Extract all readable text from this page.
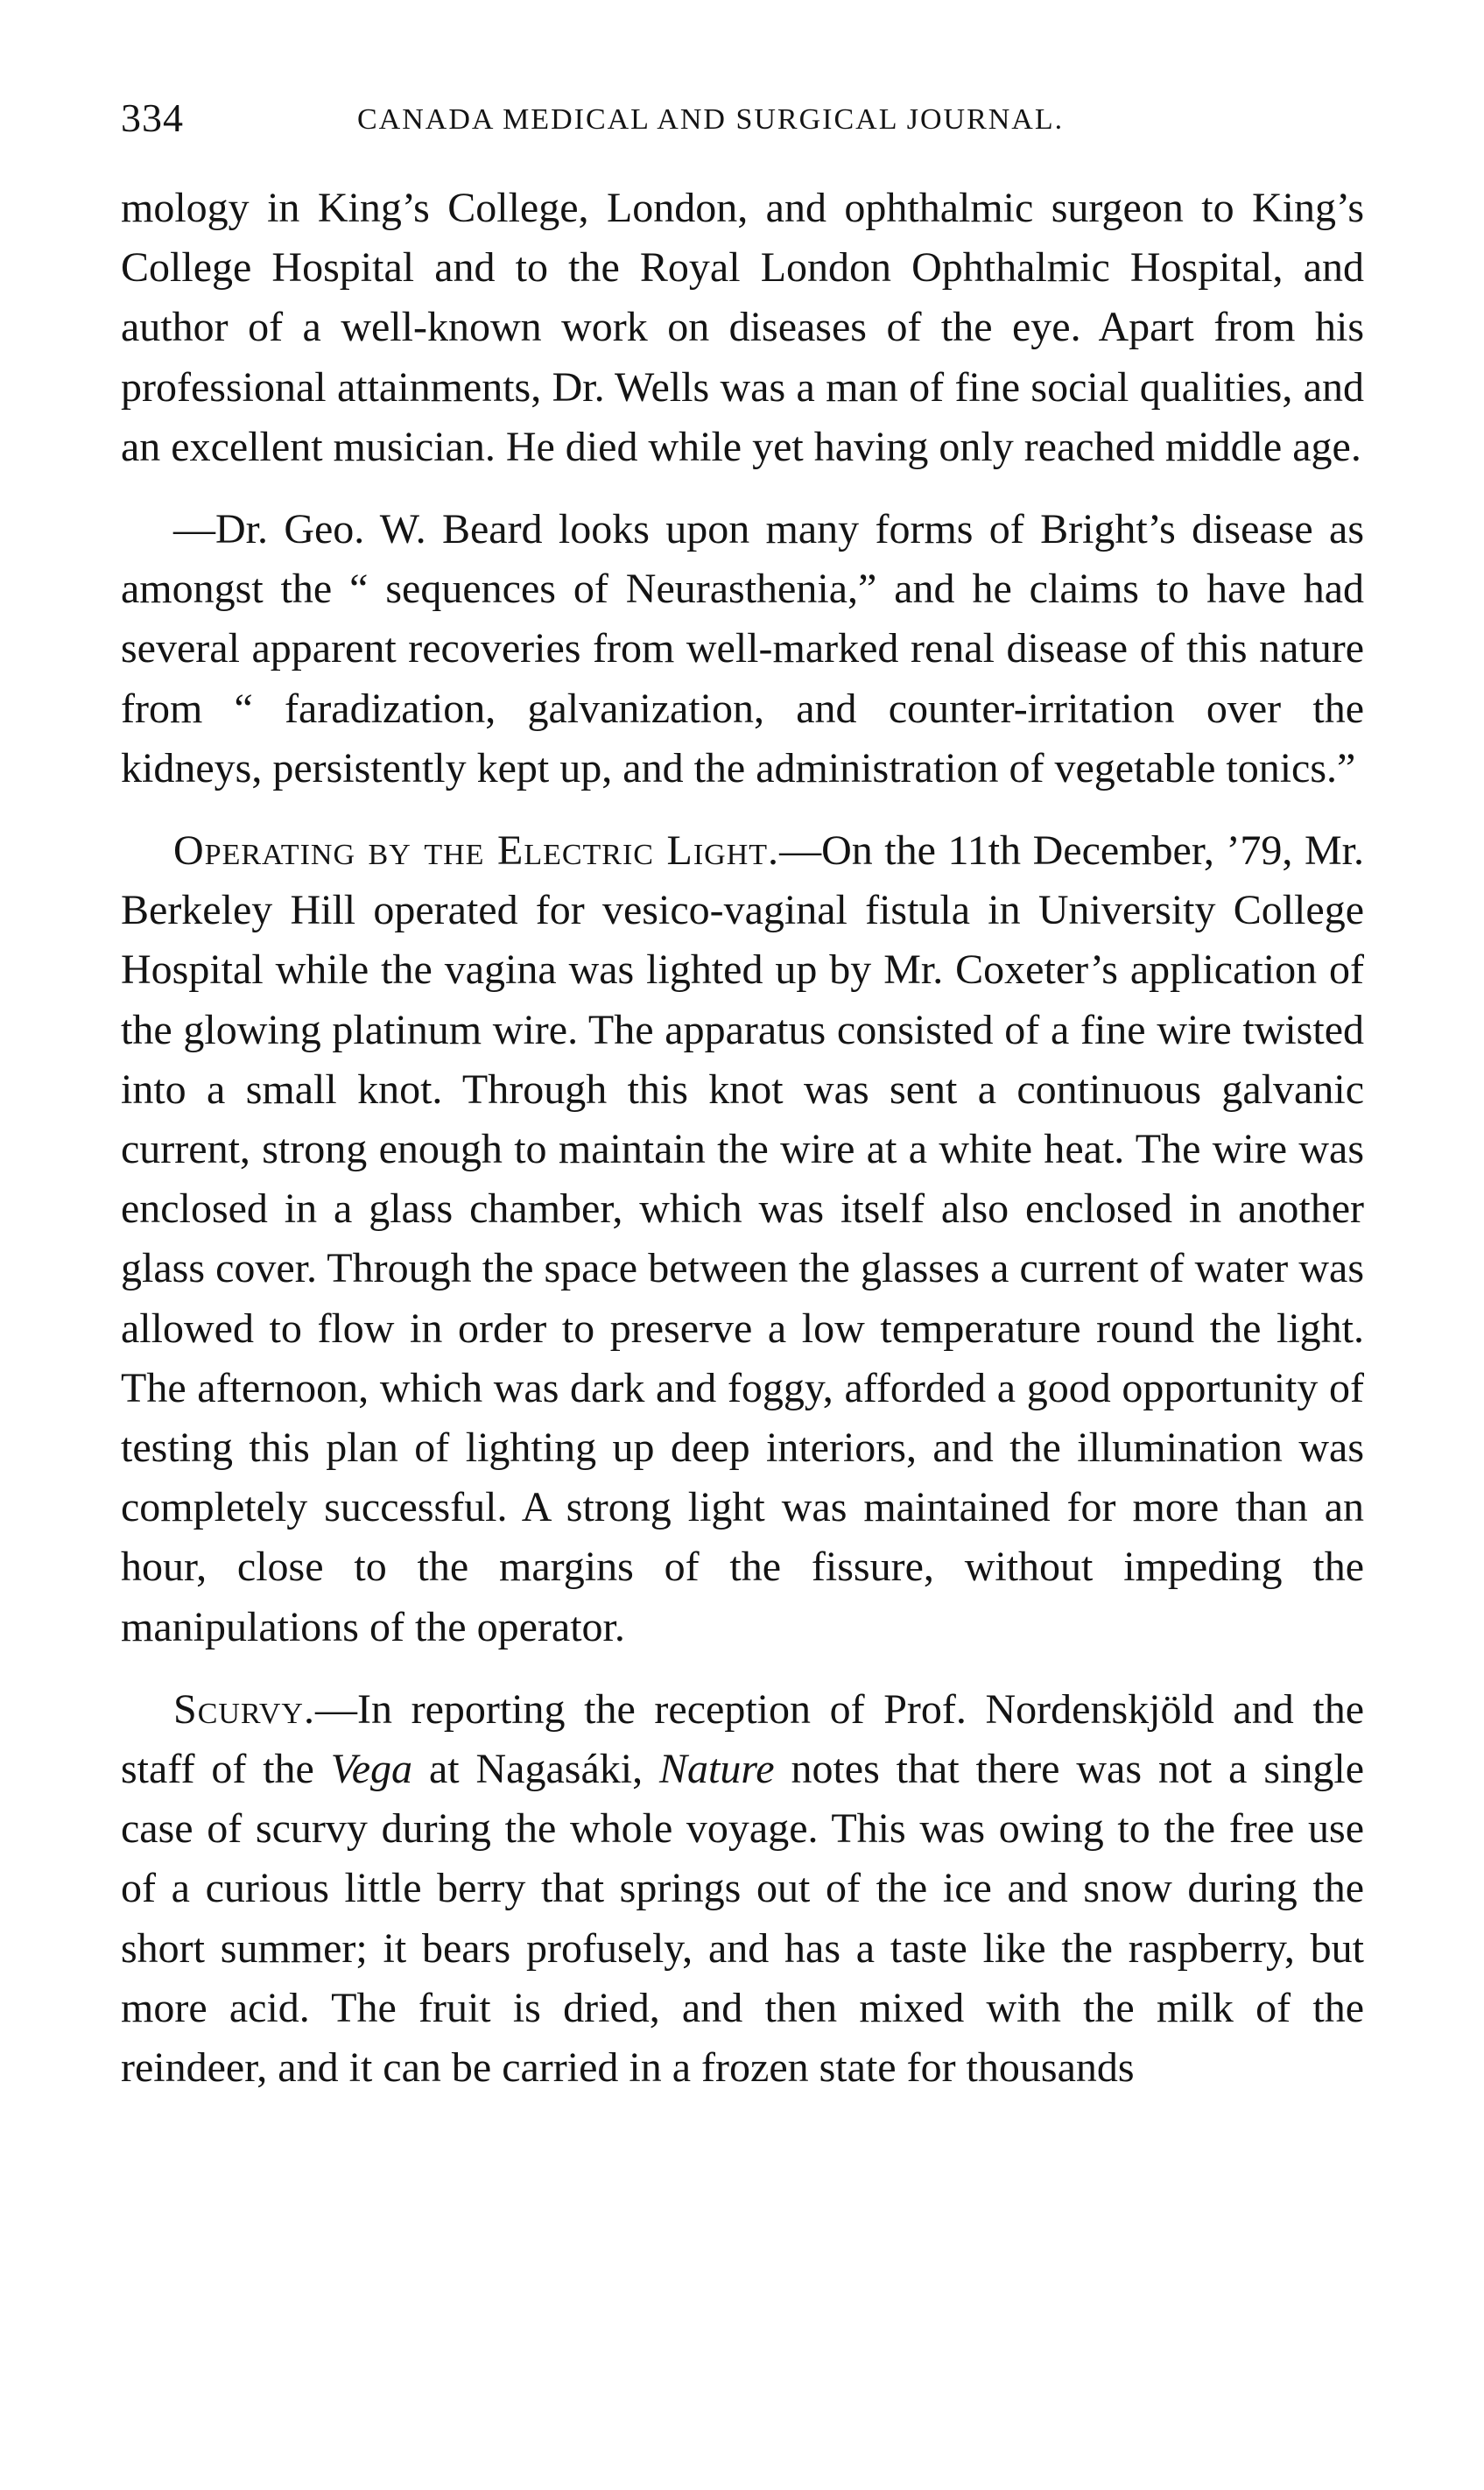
334	CANADA MEDICAL AND SURGICAL JOURNAL.

mology in King’s College, London, and ophthalmic surgeon to King’s College Hospital and to the Royal London Ophthalmic Hospital, and author of a well-known work on diseases of the eye. Apart from his professional attainments, Dr. Wells was a man of fine social qualities, and an excellent musician. He died while yet having only reached middle age.

—Dr. Geo. W. Beard looks upon many forms of Bright’s disease as amongst the “ sequences of Neurasthenia,” and he claims to have had several apparent recoveries from well-marked renal disease of this nature from “ faradization, galvanization, and counter-irritation over the kidneys, persistently kept up, and the administration of vegetable tonics.”

Operating by the Electric Light.—On the 11th December, ’79, Mr. Berkeley Hill operated for vesico-vaginal fistula in University College Hospital while the vagina was lighted up by Mr. Coxeter’s application of the glowing platinum wire. The apparatus consisted of a fine wire twisted into a small knot. Through this knot was sent a continuous galvanic current, strong enough to maintain the wire at a white heat. The wire was enclosed in a glass chamber, which was itself also enclosed in another glass cover. Through the space between the glasses a current of water was allowed to flow in order to preserve a low temperature round the light. The afternoon, which was dark and foggy, afforded a good opportunity of testing this plan of lighting up deep interiors, and the illumination was completely successful. A strong light was maintained for more than an hour, close to the margins of the fissure, without impeding the manipulations of the operator.

Scurvy.—In reporting the reception of Prof. Nordenskjöld and the staff of the Vega at Nagasáki, Nature notes that there was not a single case of scurvy during the whole voyage. This was owing to the free use of a curious little berry that springs out of the ice and snow during the short summer; it bears profusely, and has a taste like the raspberry, but more acid. The fruit is dried, and then mixed with the milk of the reindeer, and it can be carried in a frozen state for thousands
